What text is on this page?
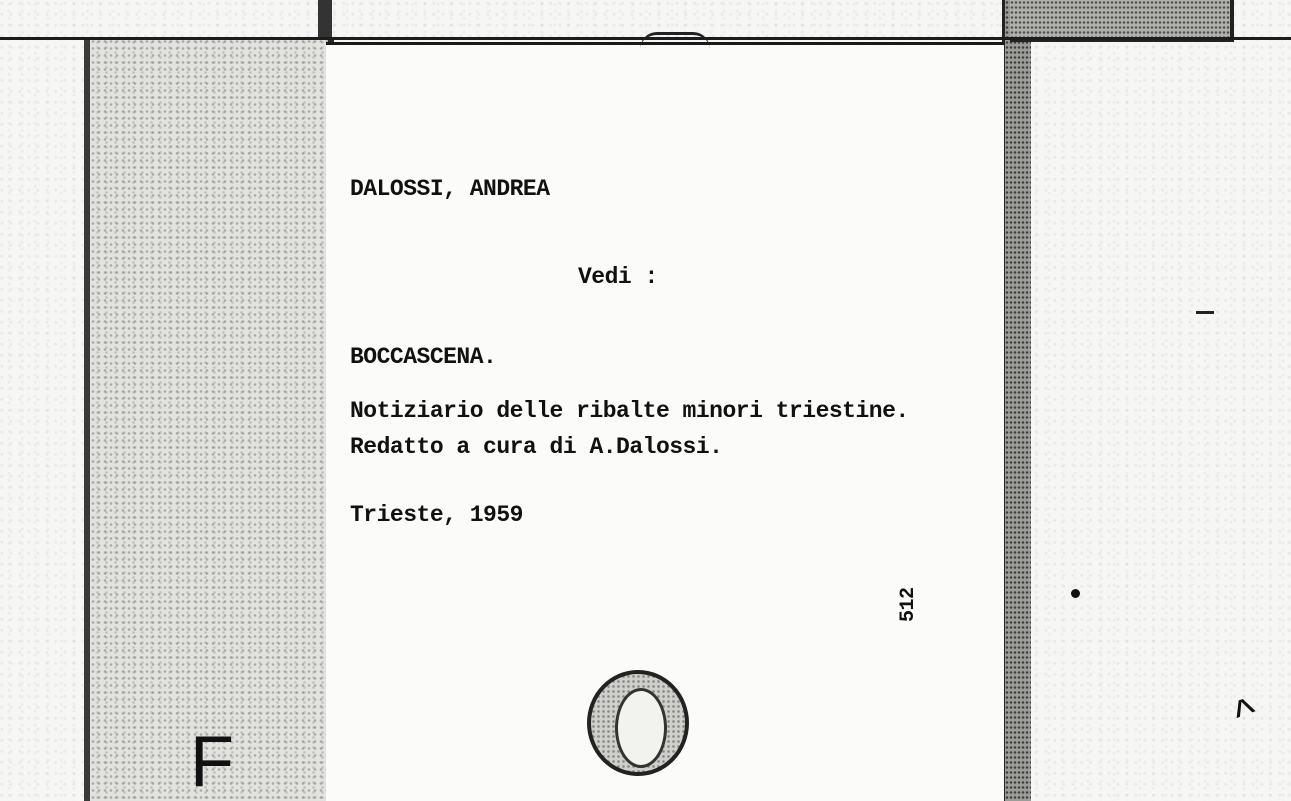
DALOSSI, ANDREA
Vedi :
BOCCASCENA.
Notiziario delle ribalte minori triestine.
Redatto a cura di A.Dalossi.
Trieste, 1959
512
F
^
